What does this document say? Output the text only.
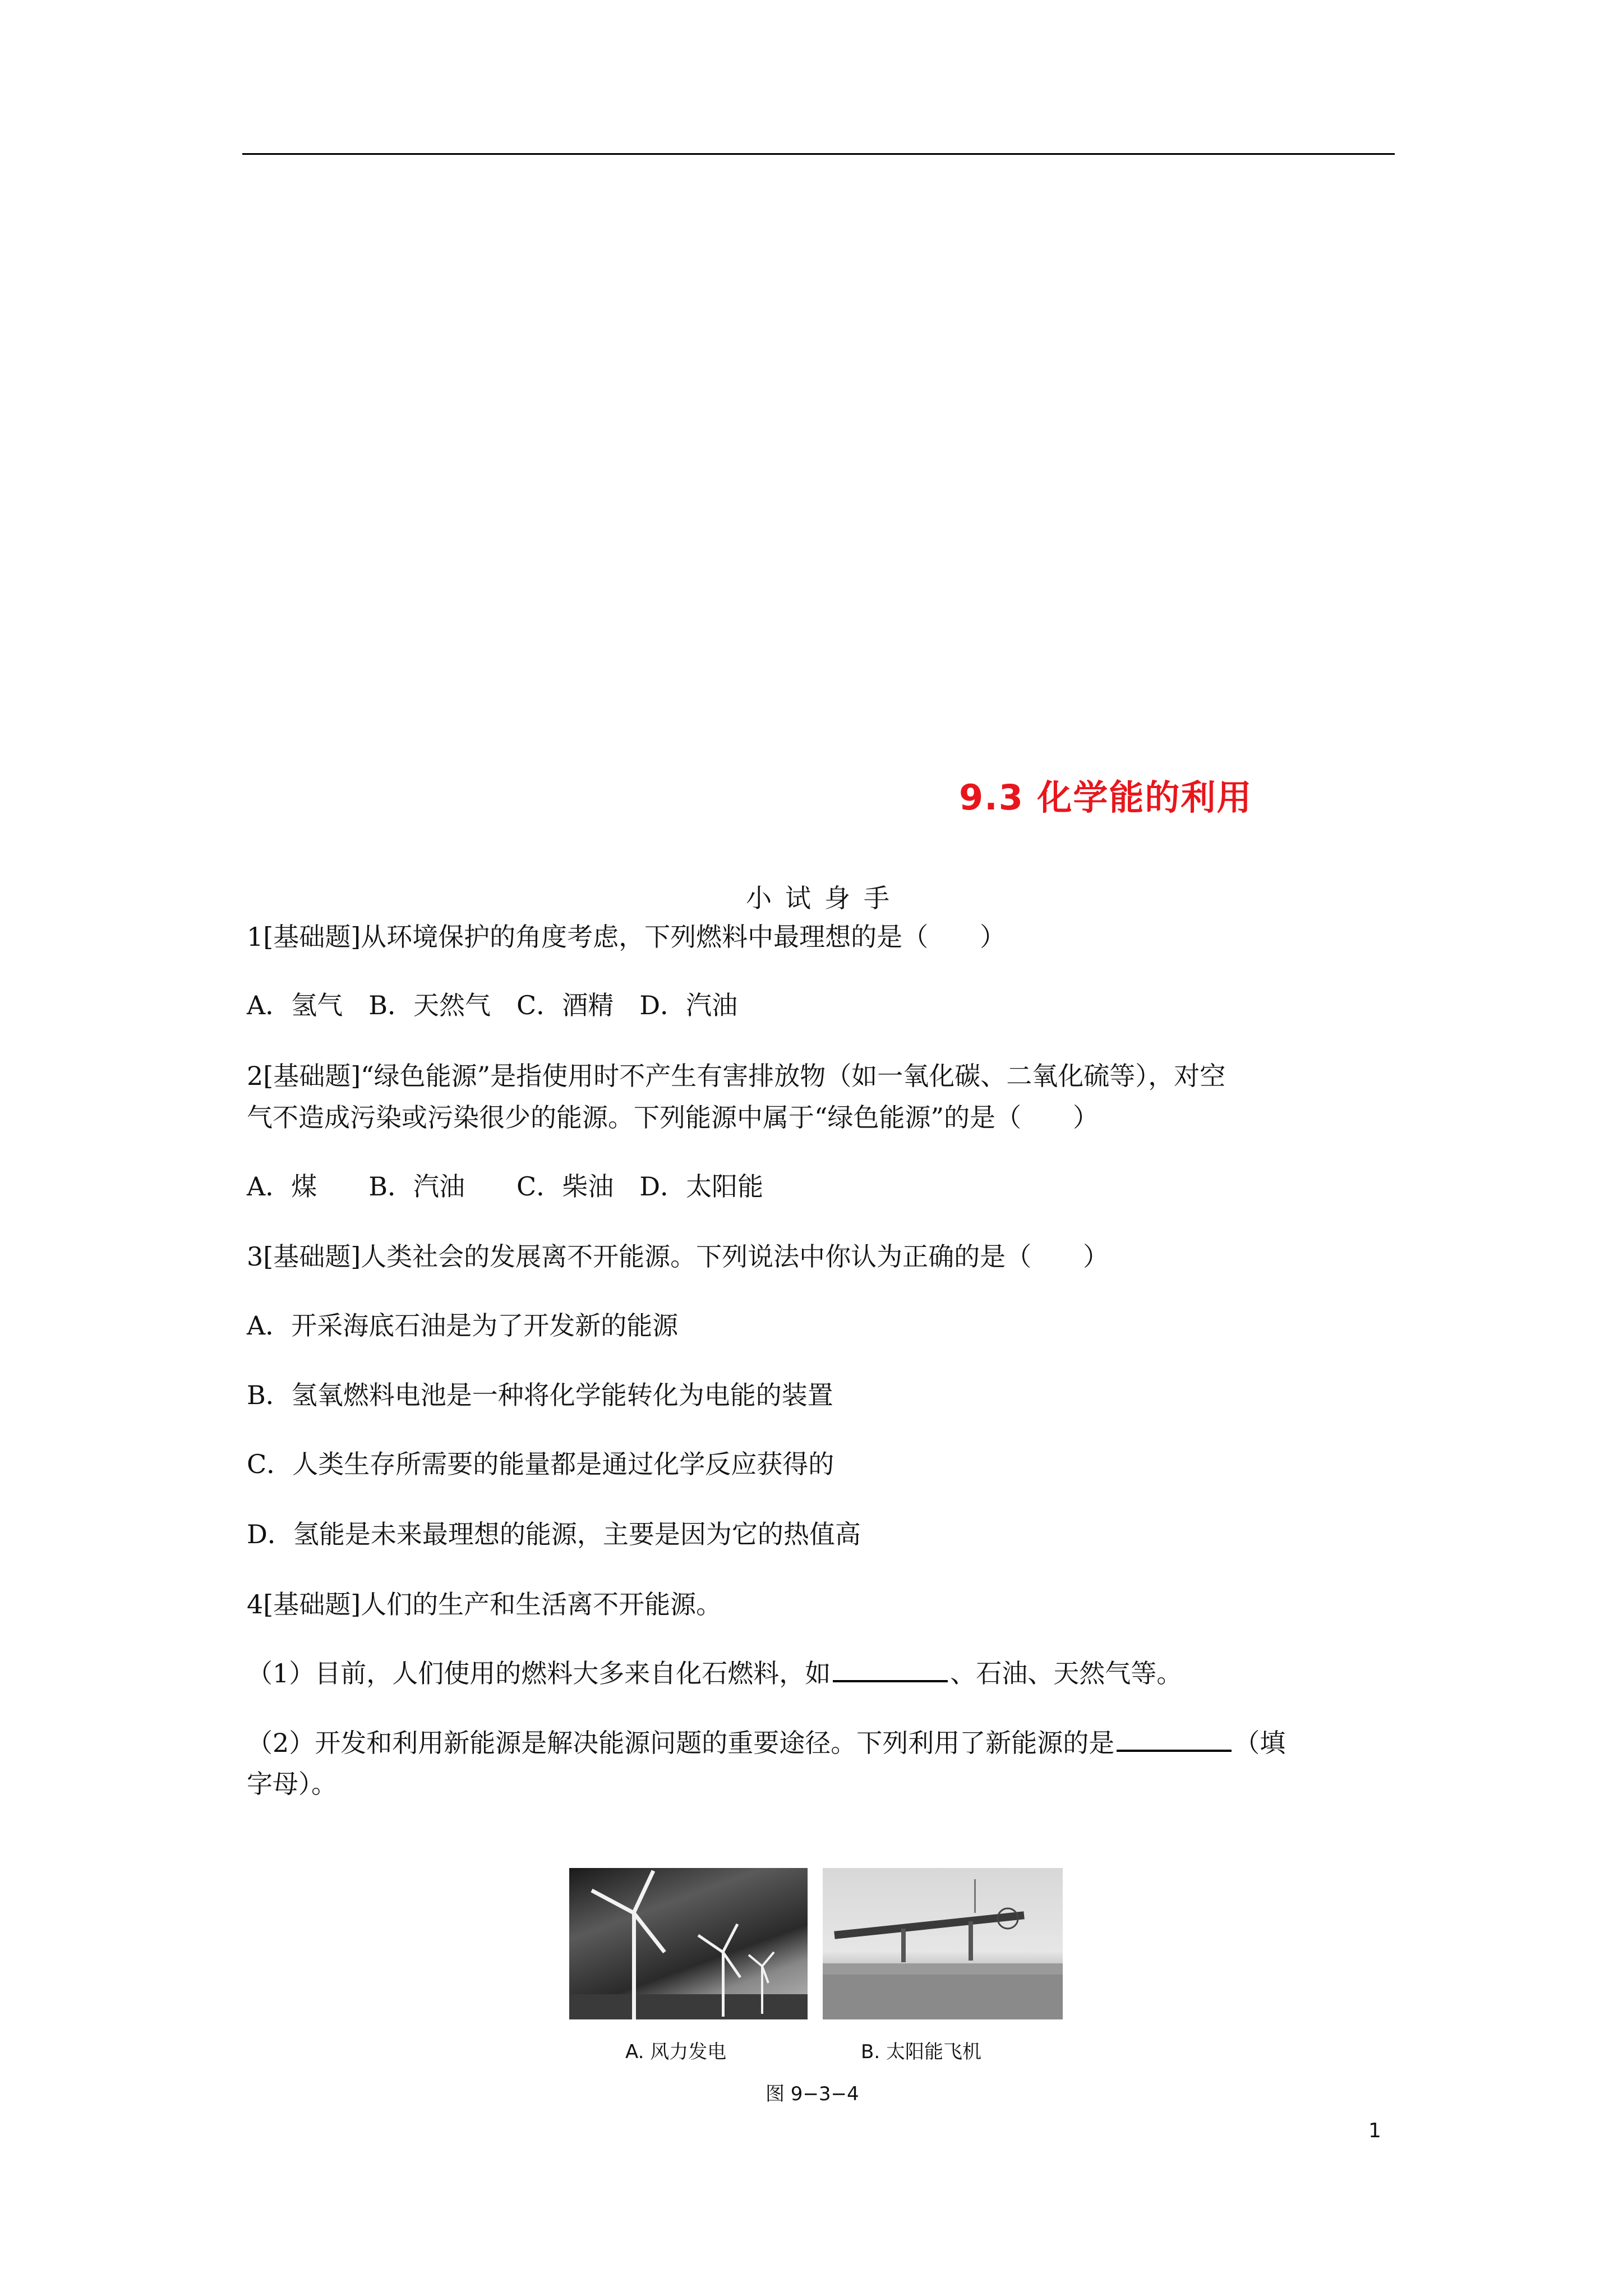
9.3 化学能的利用
小试身手
1[基础题]从环境保护的角度考虑，下列燃料中最理想的是（　　）
A．氢气　B．天然气　C．酒精　D．汽油
2[基础题]“绿色能源”是指使用时不产生有害排放物（如一氧化碳、二氧化硫等），对空
气不造成污染或污染很少的能源。下列能源中属于“绿色能源”的是（　　）
A．煤　　B．汽油　　C．柴油　D．太阳能
3[基础题]人类社会的发展离不开能源。下列说法中你认为正确的是（　　）
A．开采海底石油是为了开发新的能源
B．氢氧燃料电池是一种将化学能转化为电能的装置
C．人类生存所需要的能量都是通过化学反应获得的
D．氢能是未来最理想的能源，主要是因为它的热值高
4[基础题]人们的生产和生活离不开能源。
（1）目前，人们使用的燃料大多来自化石燃料，如	、石油、天然气等。
（2）开发和利用新能源是解决能源问题的重要途径。下列利用了新能源的是	（填
字母）。
A. 风力发电	B. 太阳能飞机
图 9−3−4
1
